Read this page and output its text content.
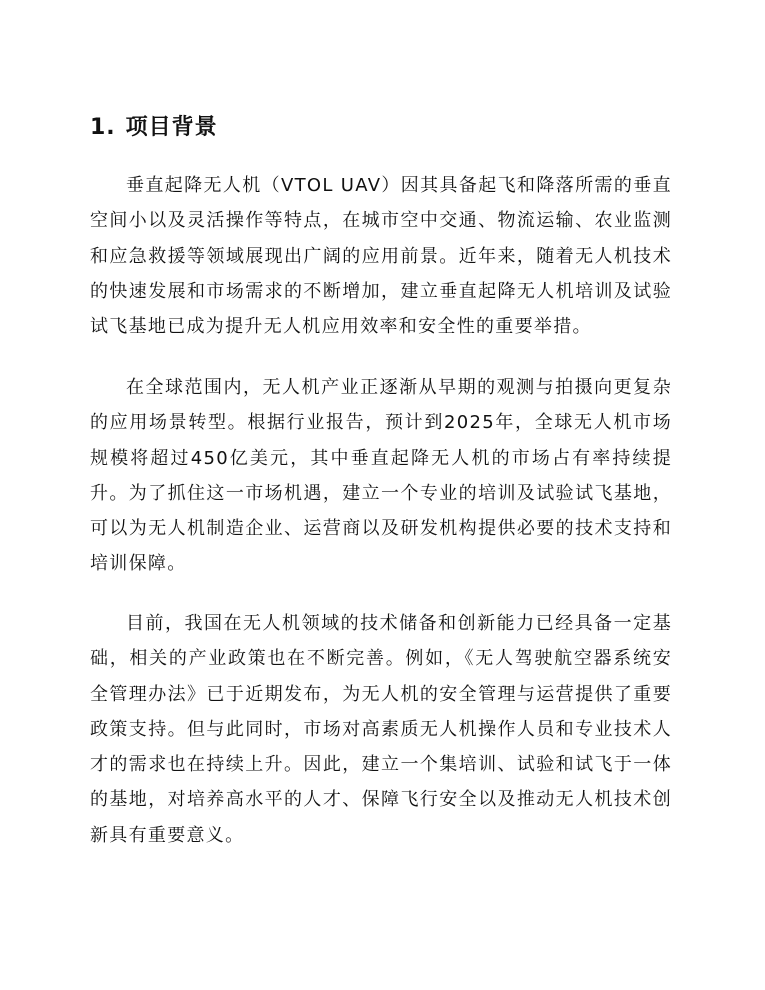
1. 项目背景

垂直起降无人机（VTOL UAV）因其具备起飞和降落所需的垂直空间小以及灵活操作等特点，在城市空中交通、物流运输、农业监测和应急救援等领域展现出广阔的应用前景。近年来，随着无人机技术的快速发展和市场需求的不断增加，建立垂直起降无人机培训及试验试飞基地已成为提升无人机应用效率和安全性的重要举措。

在全球范围内，无人机产业正逐渐从早期的观测与拍摄向更复杂的应用场景转型。根据行业报告，预计到2025年，全球无人机市场规模将超过450亿美元，其中垂直起降无人机的市场占有率持续提升。为了抓住这一市场机遇，建立一个专业的培训及试验试飞基地，可以为无人机制造企业、运营商以及研发机构提供必要的技术支持和培训保障。

目前，我国在无人机领域的技术储备和创新能力已经具备一定基础，相关的产业政策也在不断完善。例如，《无人驾驶航空器系统安全管理办法》已于近期发布，为无人机的安全管理与运营提供了重要政策支持。但与此同时，市场对高素质无人机操作人员和专业技术人才的需求也在持续上升。因此，建立一个集培训、试验和试飞于一体的基地，对培养高水平的人才、保障飞行安全以及推动无人机技术创新具有重要意义。
